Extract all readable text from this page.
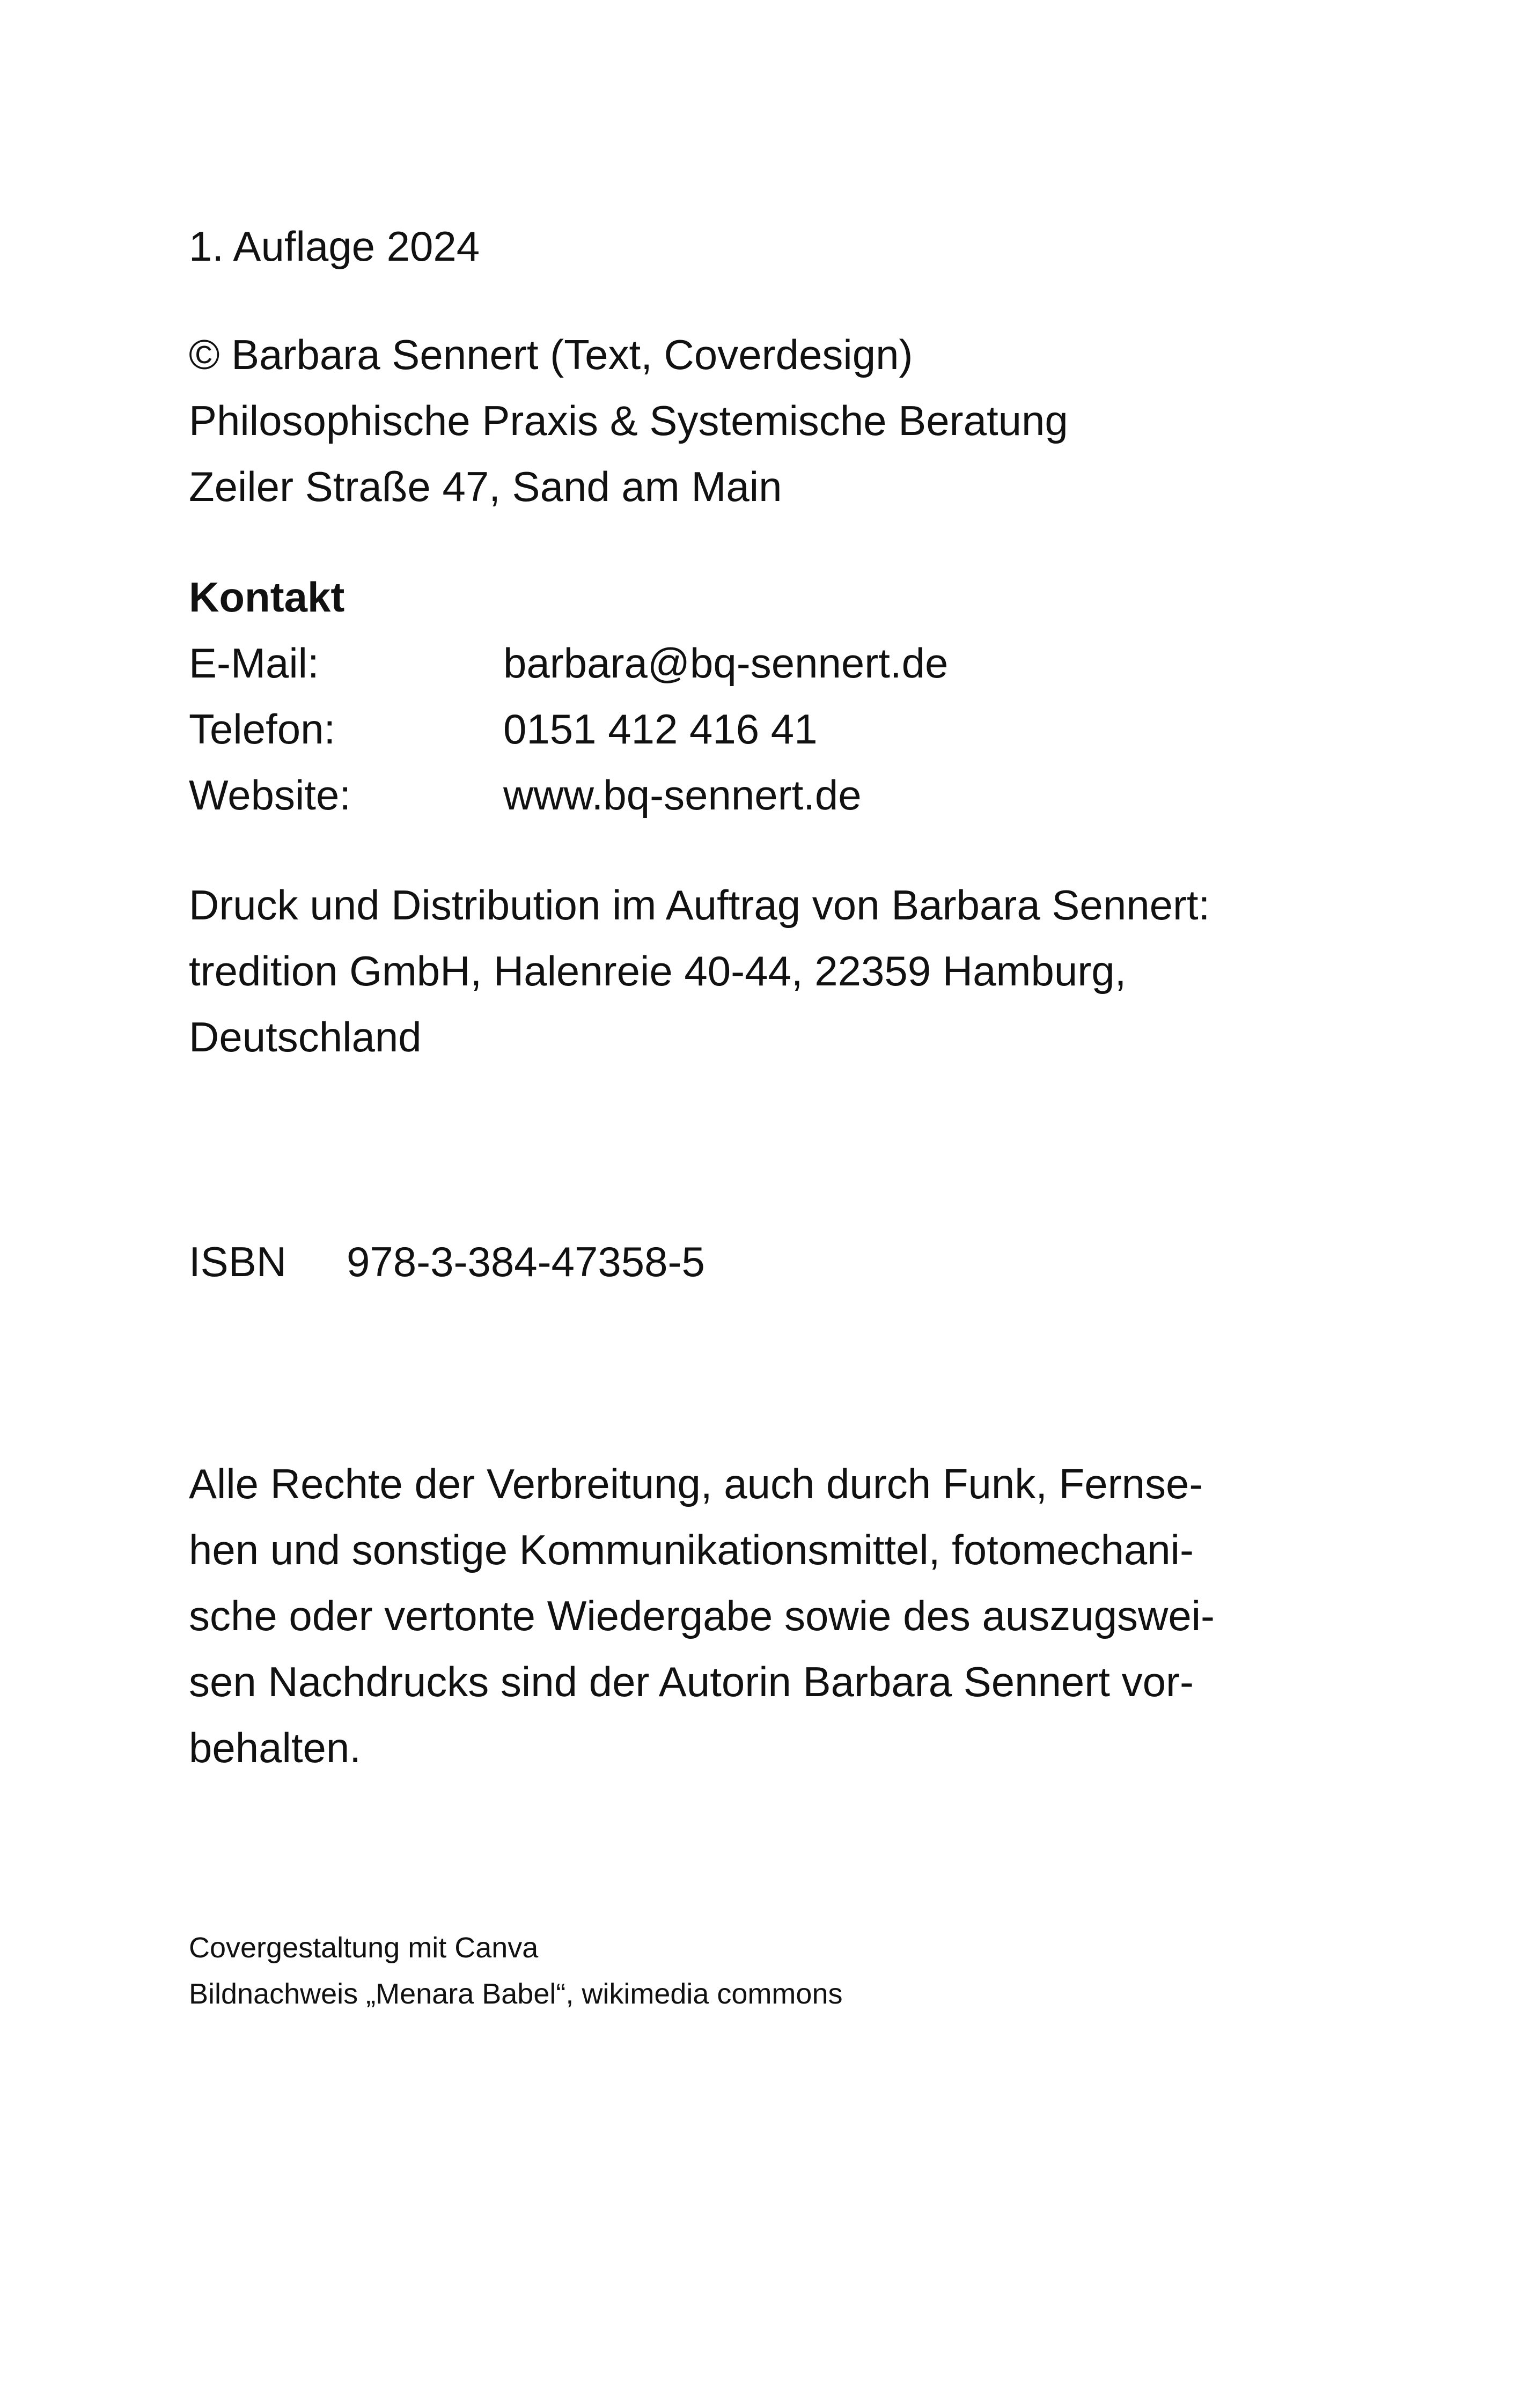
1. Auflage 2024
© Barbara Sennert (Text, Coverdesign)
Philosophische Praxis & Systemische Beratung
Zeiler Straße 47, Sand am Main
Kontakt
E-Mail:	barbara@bq-sennert.de
Telefon:	0151 412 416 41
Website:	www.bq-sennert.de
Druck und Distribution im Auftrag von Barbara Sennert:
tredition GmbH, Halenreie 40-44, 22359 Hamburg,
Deutschland
ISBN 978-3-384-47358-5
Alle Rechte der Verbreitung, auch durch Funk, Fernse-
hen und sonstige Kommunikationsmittel, fotomechani-
sche oder vertonte Wiedergabe sowie des auszugswei-
sen Nachdrucks sind der Autorin Barbara Sennert vor-
behalten.
Covergestaltung mit Canva
Bildnachweis „Menara Babel“, wikimedia commons
